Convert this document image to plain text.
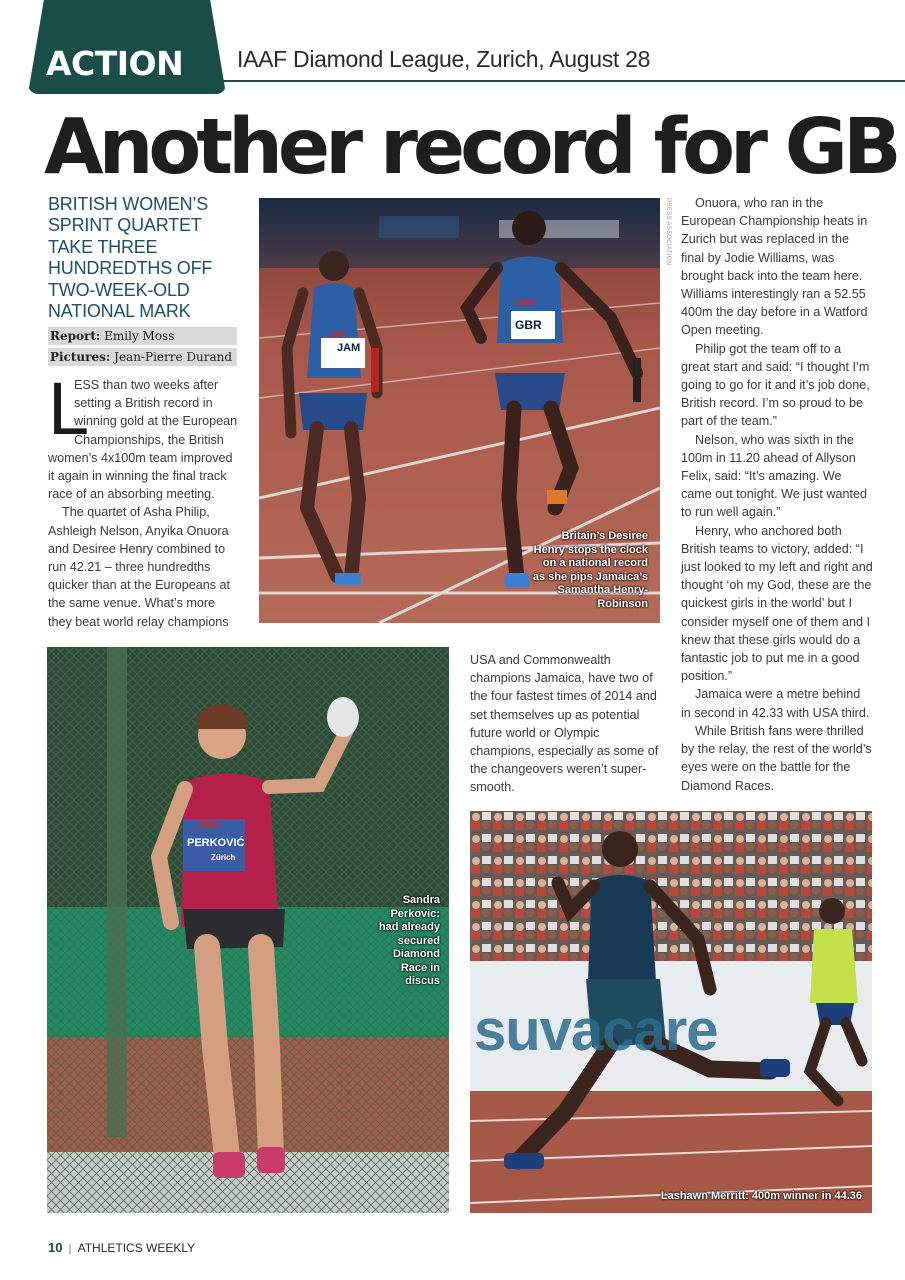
ACTION	IAAF Diamond League, Zurich, August 28
Another record for GB
BRITISH WOMEN’S SPRINT QUARTET TAKE THREE HUNDREDTHS OFF TWO-WEEK-OLD NATIONAL MARK
Report: Emily Moss
Pictures: Jean-Pierre Durand

L
ESS than two weeks after setting a British record in winning gold at the European Championships, the British women’s 4x100m team improved it again in winning the final track race of an absorbing meeting.

The quartet of Asha Philip, Ashleigh Nelson, Anyika Onuora and Desiree Henry combined to run 42.21 – three hundredths quicker than at the Europeans at the same venue. What’s more they beat world relay champions

USA and Commonwealth champions Jamaica, have two of the four fastest times of 2014 and set themselves up as potential future world or Olympic champions, especially as some of the changeovers weren’t super-smooth.

Onuora, who ran in the European Championship heats in Zurich but was replaced in the final by Jodie Williams, was brought back into the team here. Williams interestingly ran a 52.55 400m the day before in a Watford Open meeting.

Philip got the team off to a great start and said: “I thought I’m going to go for it and it’s job done, British record. I’m so proud to be part of the team.”

Nelson, who was sixth in the 100m in 11.20 ahead of Allyson Felix, said: “It’s amazing. We came out tonight. We just wanted to run well again.”

Henry, who anchored both British teams to victory, added: “I just looked to my left and right and thought ‘oh my God, these are the quickest girls in the world’ but I consider myself one of them and I knew that these girls would do a fantastic job to put me in a good position.”

Jamaica were a metre behind in second in 42.33 with USA third.

While British fans were thrilled by the relay, the rest of the world’s eyes were on the battle for the Diamond Races.

JAM
UBS
UBS
GBR
Britain’s Desiree Henry stops the clock on a national record as she pips Jamaica’s Samantha Henry-Robinson
PRESS ASSOCIATION
UBS
PERKOVIĆ
Zürich
Sandra Perkovic: had already secured Diamond Race in discus
suvacare
Lashawn Merritt: 400m winner in 44.36
10 | ATHLETICS WEEKLY
